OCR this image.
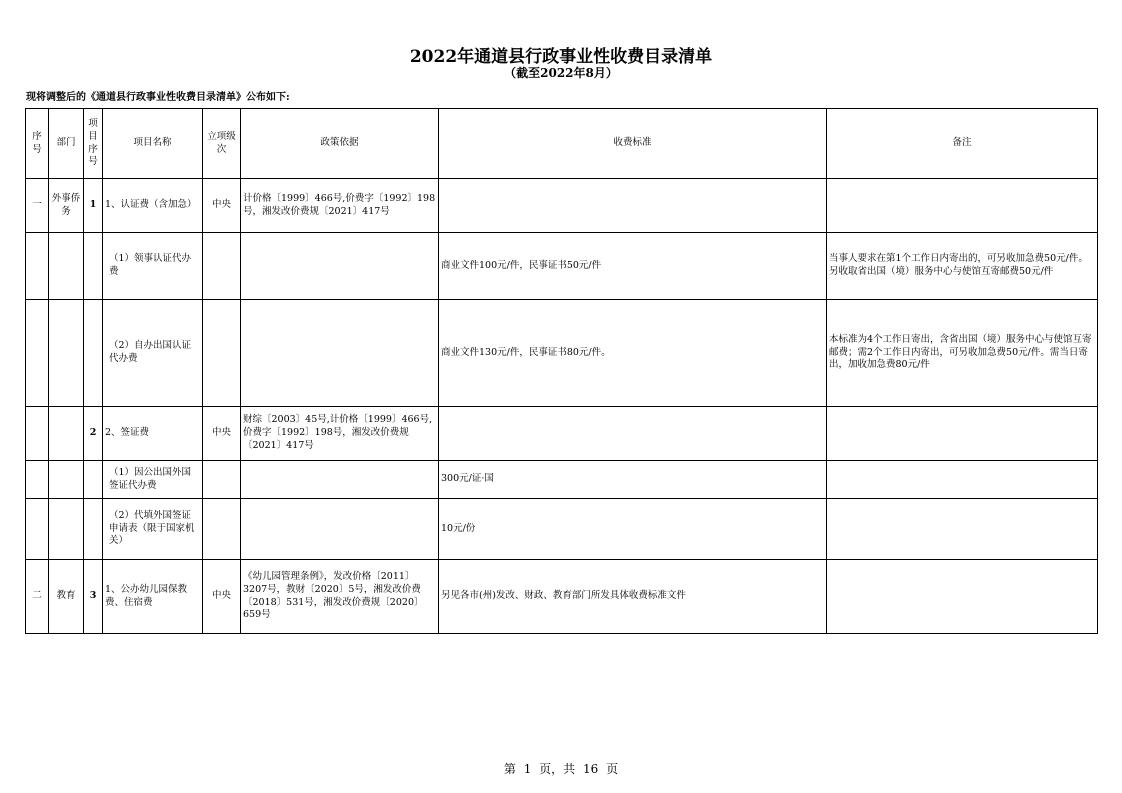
2022年通道县行政事业性收费目录清单
（截至2022年8月）
现将调整后的《通道县行政事业性收费目录清单》公布如下:
序号	部门	项目序号	项目名称	立项级次	政策依据	收费标准	备注
一	外事侨务	1	1、认证费（含加急）	中央	计价格〔1999〕466号,价费字〔1992〕198号，湘发改价费规〔2021〕417号		
			（1）领事认证代办费			商业文件100元/件，民事证书50元/件	当事人要求在第1个工作日内寄出的，可另收加急费50元/件。另收取省出国（境）服务中心与使馆互寄邮费50元/件
			（2）自办出国认证代办费			商业文件130元/件，民事证书80元/件。	本标准为4个工作日寄出，含省出国（境）服务中心与使馆互寄邮费；需2个工作日内寄出，可另收加急费50元/件。需当日寄出，加收加急费80元/件
		2	2、签证费	中央	财综〔2003〕45号,计价格〔1999〕466号,价费字〔1992〕198号，湘发改价费规〔2021〕417号		
			（1）因公出国外国签证代办费			300元/证·国	
			（2）代填外国签证申请表（限于国家机关）			10元/份	
二	教育	3	1、公办幼儿园保教费、住宿费	中央	《幼儿园管理条例》，发改价格〔2011〕3207号，教财〔2020〕5号，湘发改价费〔2018〕531号，湘发改价费规〔2020〕659号	另见各市(州)发改、财政、教育部门所发具体收费标准文件	
第 1 页，共 16 页
